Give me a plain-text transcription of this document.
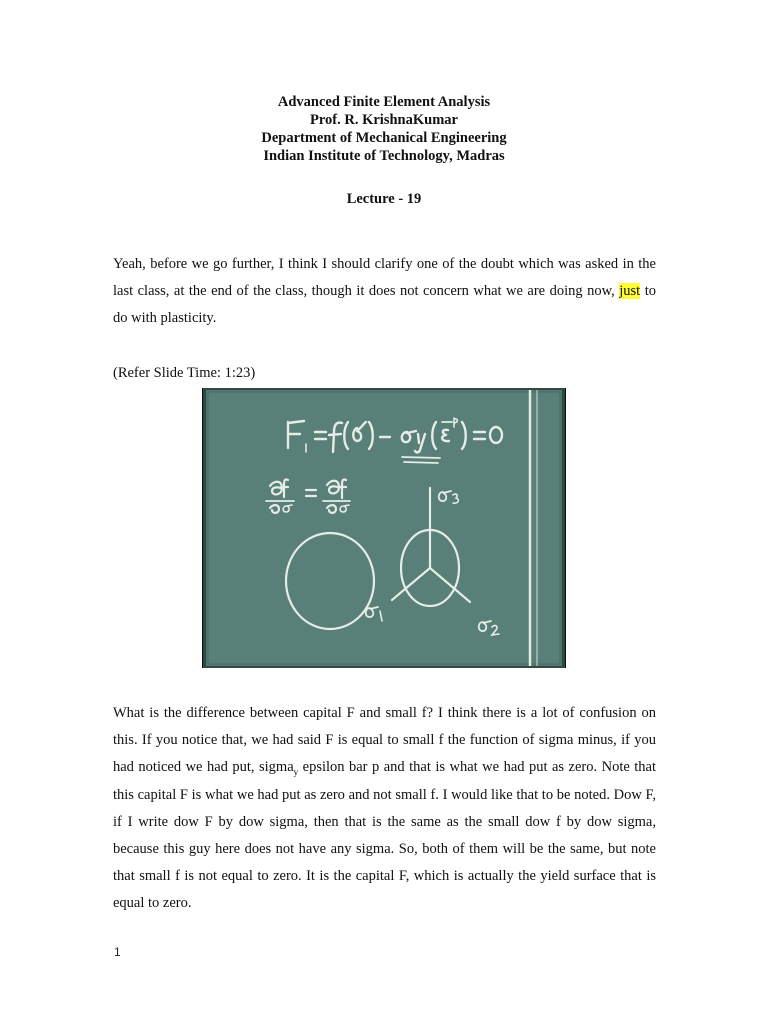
Advanced Finite Element Analysis
Prof. R. KrishnaKumar
Department of Mechanical Engineering
Indian Institute of Technology, Madras
Lecture - 19

Yeah, before we go further, I think I should clarify one of the doubt which was asked in the last class, at the end of the class, though it does not concern what we are doing now, just to do with plasticity.

(Refer Slide Time: 1:23)

What is the difference between capital F and small f? I think there is a lot of confusion on this. If you notice that, we had said F is equal to small f the function of sigma minus, if you had noticed we had put, sigma$_y$ epsilon bar p and that is what we had put as zero. Note that this capital F is what we had put as zero and not small f. I would like that to be noted. Dow F, if I write dow F by dow sigma, then that is the same as the small dow f by dow sigma, because this guy here does not have any sigma. So, both of them will be the same, but note that small f is not equal to zero. It is the capital F, which is actually the yield surface that is equal to zero.

1
